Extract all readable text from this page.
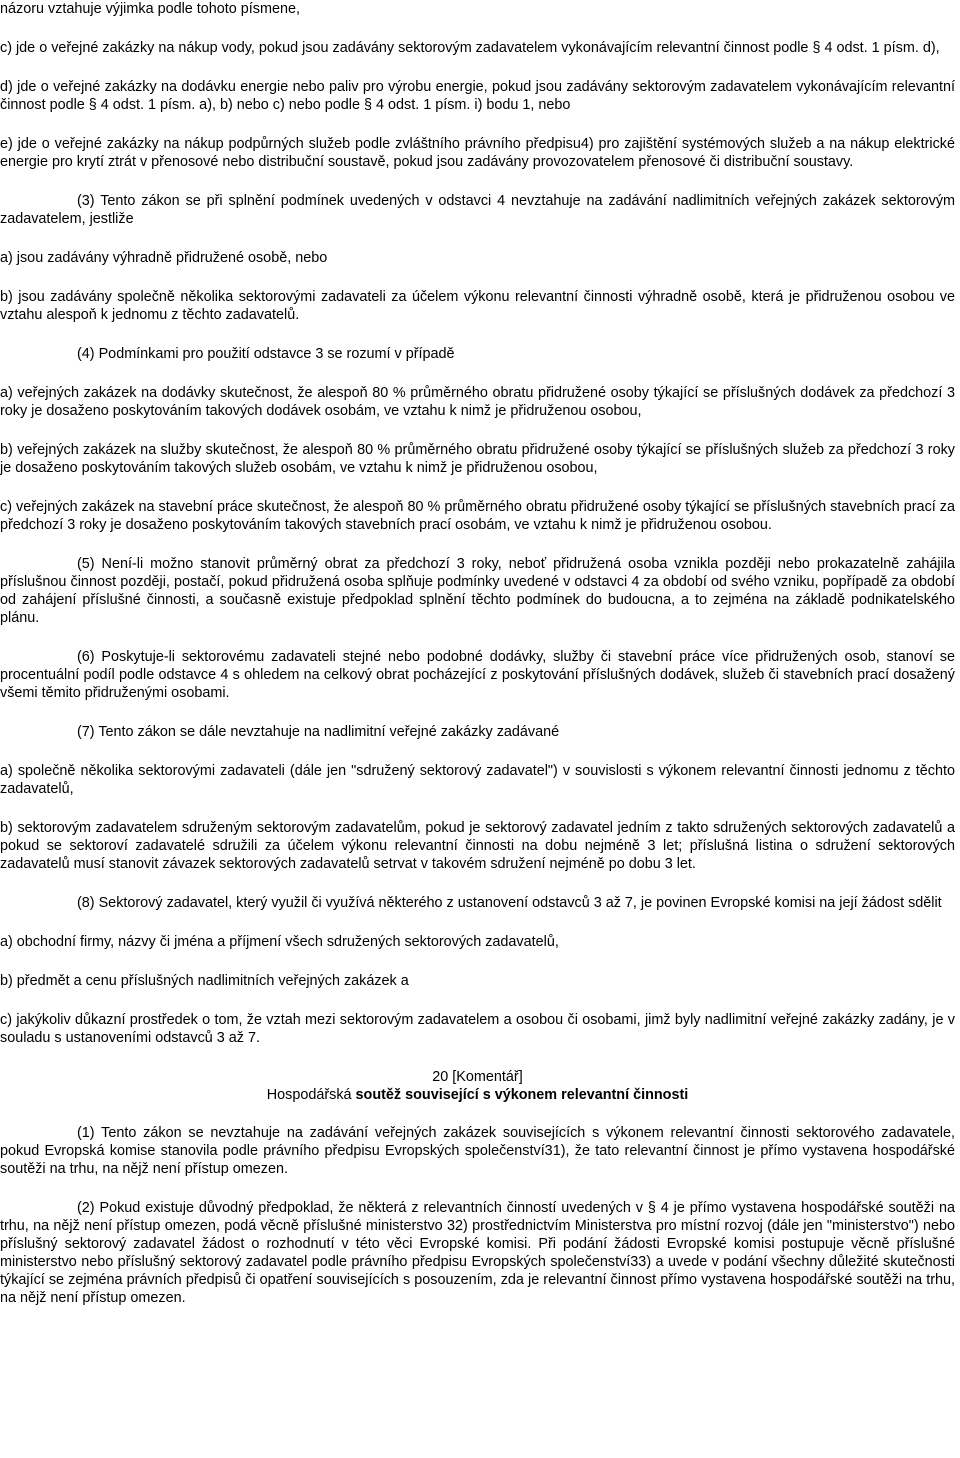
názoru vztahuje výjimka podle tohoto písmene,
c) jde o veřejné zakázky na nákup vody, pokud jsou zadávány sektorovým zadavatelem vykonávajícím relevantní činnost podle § 4 odst. 1 písm. d),
d) jde o veřejné zakázky na dodávku energie nebo paliv pro výrobu energie, pokud jsou zadávány sektorovým zadavatelem vykonávajícím relevantní činnost podle § 4 odst. 1 písm. a), b) nebo c) nebo podle § 4 odst. 1 písm. i) bodu 1, nebo
e) jde o veřejné zakázky na nákup podpůrných služeb podle zvláštního právního předpisu4) pro zajištění systémových služeb a na nákup elektrické energie pro krytí ztrát v přenosové nebo distribuční soustavě, pokud jsou zadávány provozovatelem přenosové či distribuční soustavy.
(3) Tento zákon se při splnění podmínek uvedených v odstavci 4 nevztahuje na zadávání nadlimitních veřejných zakázek sektorovým zadavatelem, jestliže
a) jsou zadávány výhradně přidružené osobě, nebo
b) jsou zadávány společně několika sektorovými zadavateli za účelem výkonu relevantní činnosti výhradně osobě, která je přidruženou osobou ve vztahu alespoň k jednomu z těchto zadavatelů.
(4) Podmínkami pro použití odstavce 3 se rozumí v případě
a) veřejných zakázek na dodávky skutečnost, že alespoň 80 % průměrného obratu přidružené osoby týkající se příslušných dodávek za předchozí 3 roky je dosaženo poskytováním takových dodávek osobám, ve vztahu k nimž je přidruženou osobou,
b) veřejných zakázek na služby skutečnost, že alespoň 80 % průměrného obratu přidružené osoby týkající se příslušných služeb za předchozí 3 roky je dosaženo poskytováním takových služeb osobám, ve vztahu k nimž je přidruženou osobou,
c) veřejných zakázek na stavební práce skutečnost, že alespoň 80 % průměrného obratu přidružené osoby týkající se příslušných stavebních prací za předchozí 3 roky je dosaženo poskytováním takových stavebních prací osobám, ve vztahu k nimž je přidruženou osobou.
(5) Není-li možno stanovit průměrný obrat za předchozí 3 roky, neboť přidružená osoba vznikla později nebo prokazatelně zahájila příslušnou činnost později, postačí, pokud přidružená osoba splňuje podmínky uvedené v odstavci 4 za období od svého vzniku, popřípadě za období od zahájení příslušné činnosti, a současně existuje předpoklad splnění těchto podmínek do budoucna, a to zejména na základě podnikatelského plánu.
(6) Poskytuje-li sektorovému zadavateli stejné nebo podobné dodávky, služby či stavební práce více přidružených osob, stanoví se procentuální podíl podle odstavce 4 s ohledem na celkový obrat pocházející z poskytování příslušných dodávek, služeb či stavebních prací dosažený všemi těmito přidruženými osobami.
(7) Tento zákon se dále nevztahuje na nadlimitní veřejné zakázky zadávané
a) společně několika sektorovými zadavateli (dále jen "sdružený sektorový zadavatel") v souvislosti s výkonem relevantní činnosti jednomu z těchto zadavatelů,
b) sektorovým zadavatelem sdruženým sektorovým zadavatelům, pokud je sektorový zadavatel jedním z takto sdružených sektorových zadavatelů a pokud se sektoroví zadavatelé sdružili za účelem výkonu relevantní činnosti na dobu nejméně 3 let; příslušná listina o sdružení sektorových zadavatelů musí stanovit závazek sektorových zadavatelů setrvat v takovém sdružení nejméně po dobu 3 let.
(8) Sektorový zadavatel, který využil či využívá některého z ustanovení odstavců 3 až 7, je povinen Evropské komisi na její žádost sdělit
a) obchodní firmy, názvy či jména a příjmení všech sdružených sektorových zadavatelů,
b) předmět a cenu příslušných nadlimitních veřejných zakázek a
c) jakýkoliv důkazní prostředek o tom, že vztah mezi sektorovým zadavatelem a osobou či osobami, jimž byly nadlimitní veřejné zakázky zadány, je v souladu s ustanoveními odstavců 3 až 7.
20 [Komentář]
Hospodářská soutěž související s výkonem relevantní činnosti
(1) Tento zákon se nevztahuje na zadávání veřejných zakázek souvisejících s výkonem relevantní činnosti sektorového zadavatele, pokud Evropská komise stanovila podle právního předpisu Evropských společenství31), že tato relevantní činnost je přímo vystavena hospodářské soutěži na trhu, na nějž není přístup omezen.
(2) Pokud existuje důvodný předpoklad, že některá z relevantních činností uvedených v § 4 je přímo vystavena hospodářské soutěži na trhu, na nějž není přístup omezen, podá věcně příslušné ministerstvo 32) prostřednictvím Ministerstva pro místní rozvoj (dále jen "ministerstvo") nebo příslušný sektorový zadavatel žádost o rozhodnutí v této věci Evropské komisi. Při podání žádosti Evropské komisi postupuje věcně příslušné ministerstvo nebo příslušný sektorový zadavatel podle právního předpisu Evropských společenství33) a uvede v podání všechny důležité skutečnosti týkající se zejména právních předpisů či opatření souvisejících s posouzením, zda je relevantní činnost přímo vystavena hospodářské soutěži na trhu, na nějž není přístup omezen.
